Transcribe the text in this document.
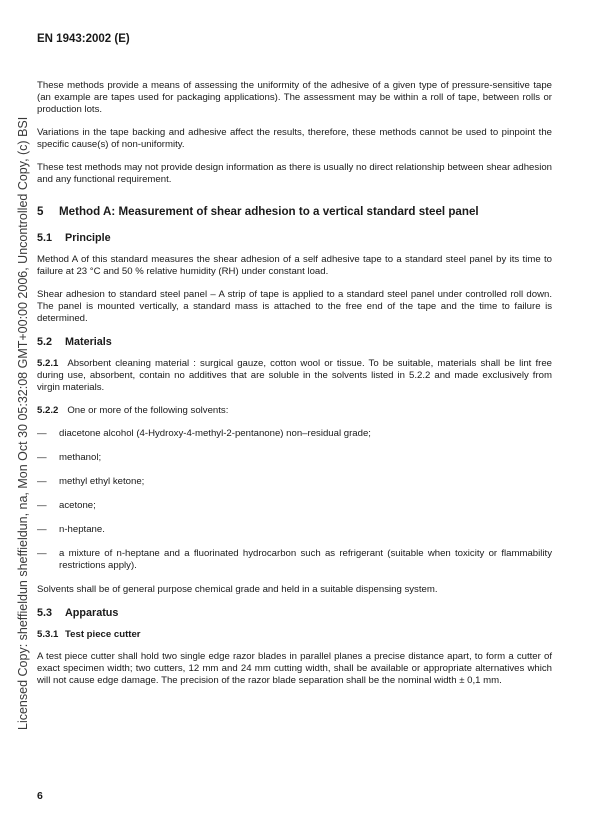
EN 1943:2002 (E)
Licensed Copy: sheffieldun sheffieldun, na, Mon Oct 30 05:32:08 GMT+00:00 2006, Uncontrolled Copy, (c) BSI

These methods provide a means of assessing the uniformity of the adhesive of a given type of pressure-sensitive tape (an example are tapes used for packaging applications). The assessment may be within a roll of tape, between rolls or production lots.

Variations in the tape backing and adhesive affect the results, therefore, these methods cannot be used to pinpoint the specific cause(s) of non-uniformity.

These test methods may not provide design information as there is usually no direct relationship between shear adhesion and any functional requirement.

5 Method A: Measurement of shear adhesion to a vertical standard steel panel
5.1 Principle

Method A of this standard measures the shear adhesion of a self adhesive tape to a standard steel panel by its time to failure at 23 °C and 50 % relative humidity (RH) under constant load.

Shear adhesion to standard steel panel – A strip of tape is applied to a standard steel panel under controlled roll down. The panel is mounted vertically, a standard mass is attached to the free end of the tape and the time to failure is determined.

5.2 Materials

5.2.1 Absorbent cleaning material : surgical gauze, cotton wool or tissue. To be suitable, materials shall be lint free during use, absorbent, contain no additives that are soluble in the solvents listed in 5.2.2 and made exclusively from virgin materials.

5.2.2 One or more of the following solvents:

—	diacetone alcohol (4-Hydroxy-4-methyl-2-pentanone) non–residual grade;
—	methanol;
—	methyl ethyl ketone;
—	acetone;
—	n-heptane.
—	a mixture of n-heptane and a fluorinated hydrocarbon such as refrigerant (suitable when toxicity or flammability restrictions apply).

Solvents shall be of general purpose chemical grade and held in a suitable dispensing system.

5.3 Apparatus
5.3.1 Test piece cutter

A test piece cutter shall hold two single edge razor blades in parallel planes a precise distance apart, to form a cutter of exact specimen width; two cutters, 12 mm and 24 mm cutting width, shall be available or appropriate alternatives which will not cause edge damage. The precision of the razor blade separation shall be the nominal width ± 0,1 mm.

6
